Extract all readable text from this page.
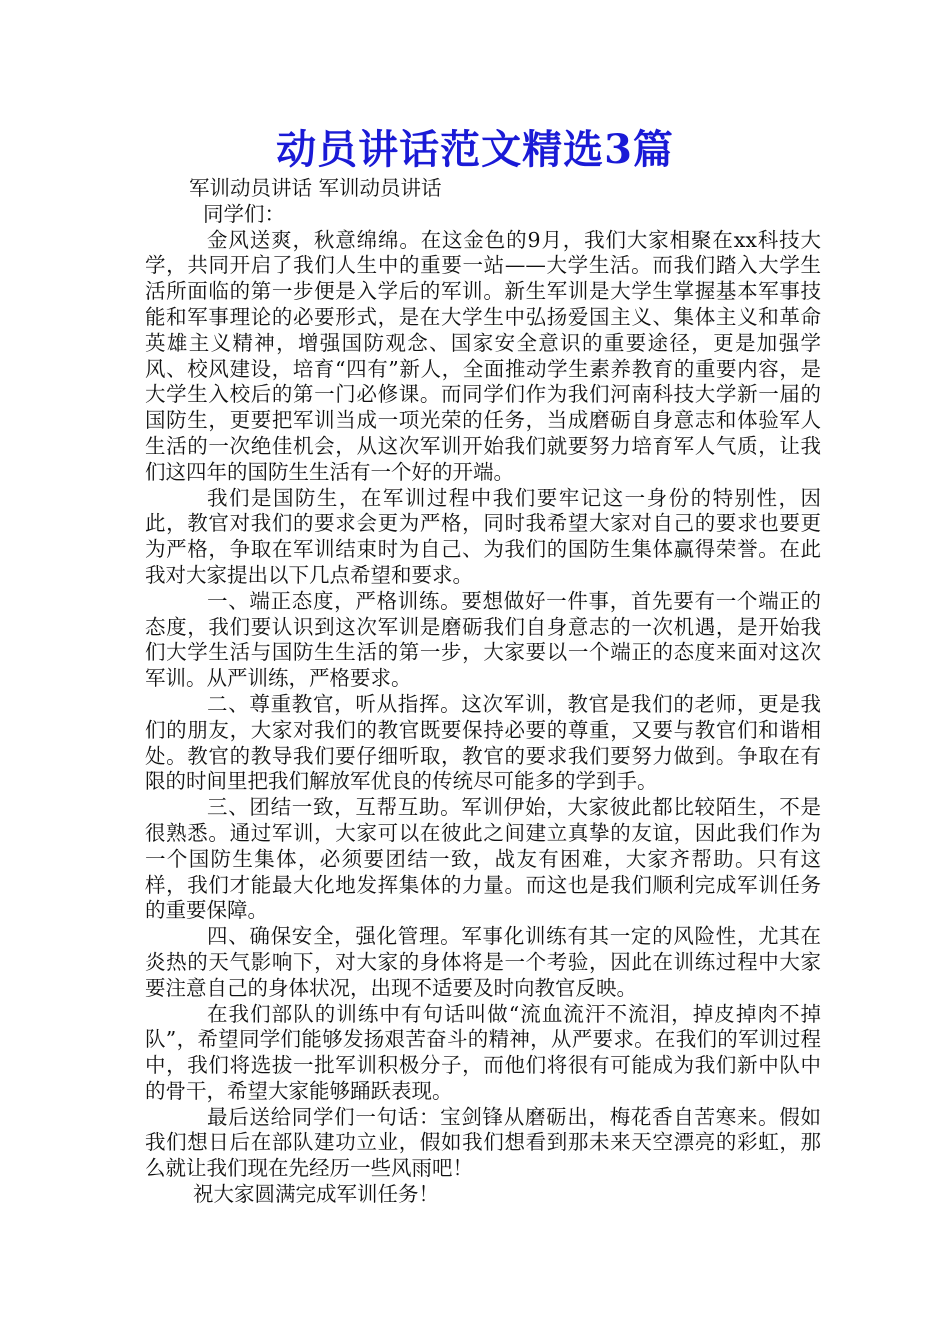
动员讲话范文精选3篇

军训动员讲话 军训动员讲话

同学们：

金风送爽，秋意绵绵。在这金色的9月，我们大家相聚在xx科技大学，共同开启了我们人生中的重要一站——大学生活。而我们踏入大学生活所面临的第一步便是入学后的军训。新生军训是大学生掌握基本军事技能和军事理论的必要形式，是在大学生中弘扬爱国主义、集体主义和革命英雄主义精神，增强国防观念、国家安全意识的重要途径，更是加强学风、校风建设，培育“四有”新人，全面推动学生素养教育的重要内容，是大学生入校后的第一门必修课。而同学们作为我们河南科技大学新一届的国防生，更要把军训当成一项光荣的任务，当成磨砺自身意志和体验军人生活的一次绝佳机会，从这次军训开始我们就要努力培育军人气质，让我们这四年的国防生生活有一个好的开端。

我们是国防生，在军训过程中我们要牢记这一身份的特别性，因此，教官对我们的要求会更为严格，同时我希望大家对自己的要求也要更为严格，争取在军训结束时为自己、为我们的国防生集体赢得荣誉。在此我对大家提出以下几点希望和要求。

一、端正态度，严格训练。要想做好一件事，首先要有一个端正的态度，我们要认识到这次军训是磨砺我们自身意志的一次机遇，是开始我们大学生活与国防生生活的第一步，大家要以一个端正的态度来面对这次军训。从严训练，严格要求。

二、尊重教官，听从指挥。这次军训，教官是我们的老师，更是我们的朋友，大家对我们的教官既要保持必要的尊重，又要与教官们和谐相处。教官的教导我们要仔细听取，教官的要求我们要努力做到。争取在有限的时间里把我们解放军优良的传统尽可能多的学到手。

三、团结一致，互帮互助。军训伊始，大家彼此都比较陌生，不是很熟悉。通过军训，大家可以在彼此之间建立真挚的友谊，因此我们作为一个国防生集体，必须要团结一致，战友有困难，大家齐帮助。只有这样，我们才能最大化地发挥集体的力量。而这也是我们顺利完成军训任务的重要保障。

四、确保安全，强化管理。军事化训练有其一定的风险性，尤其在炎热的天气影响下，对大家的身体将是一个考验，因此在训练过程中大家要注意自己的身体状况，出现不适要及时向教官反映。

在我们部队的训练中有句话叫做“流血流汗不流泪，掉皮掉肉不掉队”，希望同学们能够发扬艰苦奋斗的精神，从严要求。在我们的军训过程中，我们将选拔一批军训积极分子，而他们将很有可能成为我们新中队中的骨干，希望大家能够踊跃表现。

最后送给同学们一句话：宝剑锋从磨砺出，梅花香自苦寒来。假如我们想日后在部队建功立业，假如我们想看到那未来天空漂亮的彩虹，那么就让我们现在先经历一些风雨吧！

祝大家圆满完成军训任务！
